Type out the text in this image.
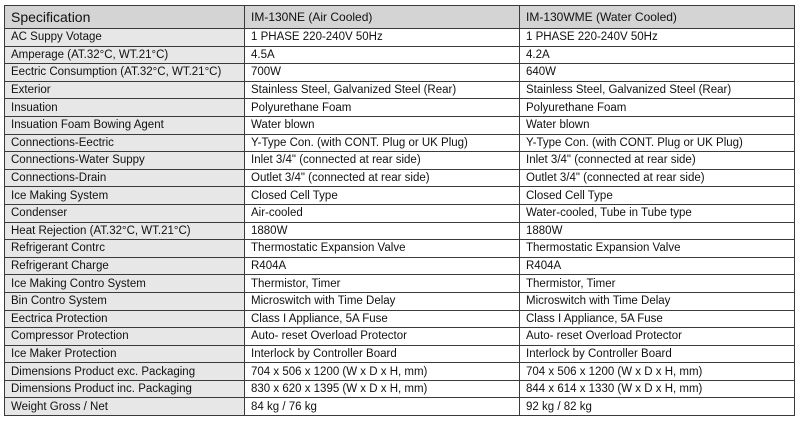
Specification	IM-130NE (Air Cooled)	IM-130WME (Water Cooled)
AC Suppy Votage	1 PHASE 220-240V 50Hz	1 PHASE 220-240V 50Hz
Amperage (AT.32°C, WT.21°C)	4.5A	4.2A
Eectric Consumption (AT.32°C, WT.21°C)	700W	640W
Exterior	Stainless Steel, Galvanized Steel (Rear)	Stainless Steel, Galvanized Steel (Rear)
Insuation	Polyurethane Foam	Polyurethane Foam
Insuation Foam Bowing Agent	Water blown	Water blown
Connections-Eectric	Y-Type Con. (with CONT. Plug or UK Plug)	Y-Type Con. (with CONT. Plug or UK Plug)
Connections-Water Suppy	Inlet 3/4" (connected at rear side)	Inlet 3/4" (connected at rear side)
Connections-Drain	Outlet 3/4" (connected at rear side)	Outlet 3/4" (connected at rear side)
Ice Making System	Closed Cell Type	Closed Cell Type
Condenser	Air-cooled	Water-cooled, Tube in Tube type
Heat Rejection (AT.32°C, WT.21°C)	1880W	1880W
Refrigerant Contrc	Thermostatic Expansion Valve	Thermostatic Expansion Valve
Refrigerant Charge	R404A	R404A
Ice Making Contro System	Thermistor, Timer	Thermistor, Timer
Bin Contro System	Microswitch with Time Delay	Microswitch with Time Delay
Eectrica Protection	Class I Appliance, 5A Fuse	Class I Appliance, 5A Fuse
Compressor Protection	Auto- reset Overload Protector	Auto- reset Overload Protector
Ice Maker Protection	Interlock by Controller Board	Interlock by Controller Board
Dimensions Product exc. Packaging	704 x 506 x 1200 (W x D x H, mm)	704 x 506 x 1200 (W x D x H, mm)
Dimensions Product inc. Packaging	830 x 620 x 1395 (W x D x H, mm)	844 x 614 x 1330 (W x D x H, mm)
Weight Gross / Net	84 kg / 76 kg	92 kg / 82 kg
